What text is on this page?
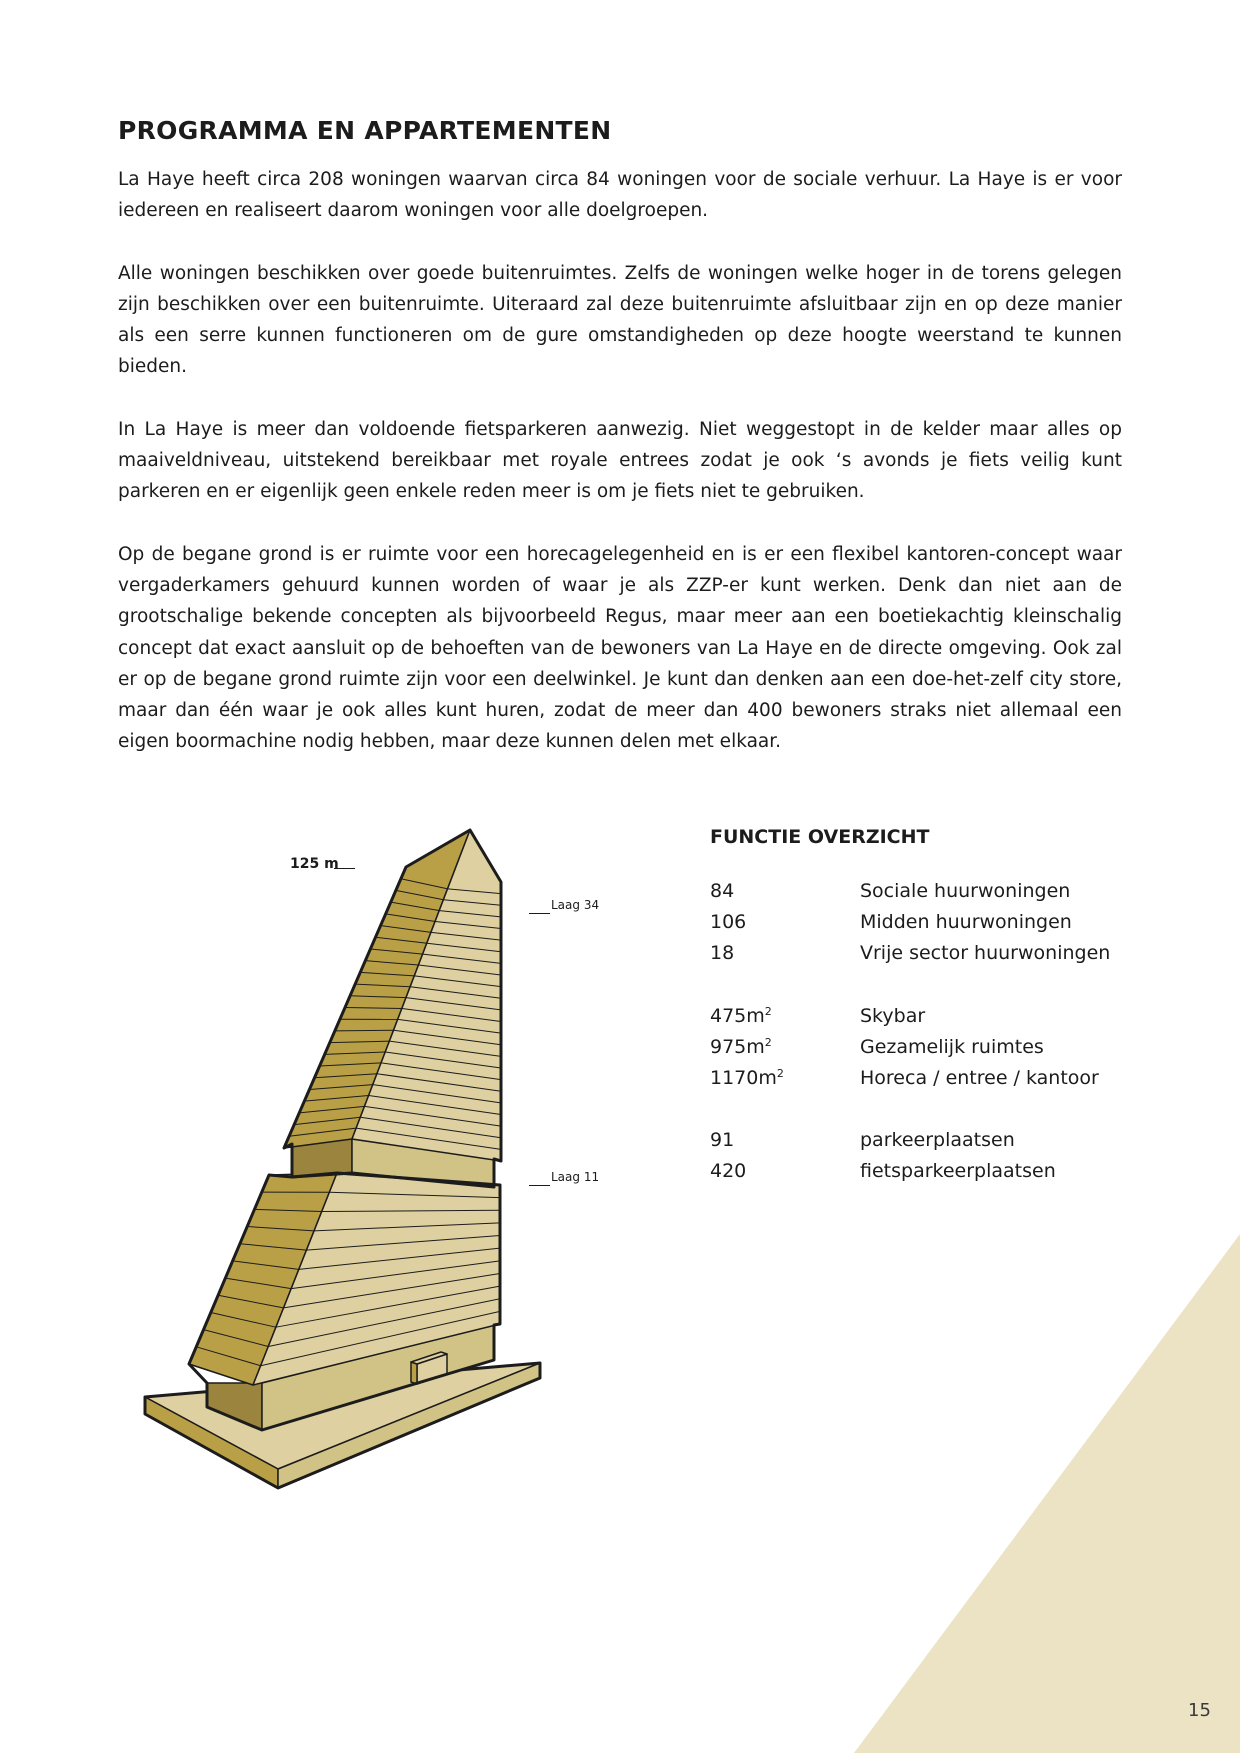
PROGRAMMA EN APPARTEMENTEN

La Haye heeft circa 208 woningen waarvan circa 84 woningen voor de sociale verhuur. La Haye is er voor iedereen en realiseert daarom woningen voor alle doelgroepen.

Alle woningen beschikken over goede buitenruimtes. Zelfs de woningen welke hoger in de torens gelegen zijn beschikken over een buitenruimte. Uiteraard zal deze buitenruimte afsluitbaar zijn en op deze manier als een serre kunnen functioneren om de gure omstandigheden op deze hoogte weerstand te kunnen bieden.

In La Haye is meer dan voldoende fietsparkeren aanwezig. Niet weggestopt in de kelder maar alles op maaiveldniveau, uitstekend bereikbaar met royale entrees zodat je ook ‘s avonds je fiets veilig kunt parkeren en er eigenlijk geen enkele reden meer is om je fiets niet te gebruiken.

Op de begane grond is er ruimte voor een horecagelegenheid en is er een flexibel kantoren-concept waar vergaderkamers gehuurd kunnen worden of waar je als ZZP-er kunt werken. Denk dan niet aan de grootschalige bekende concepten als bijvoorbeeld Regus, maar meer aan een boetiekachtig kleinschalig concept dat exact aansluit op de behoeften van de bewoners van La Haye en de directe omgeving. Ook zal er op de begane grond ruimte zijn voor een deelwinkel. Je kunt dan denken aan een doe-het-zelf city store, maar dan één waar je ook alles kunt huren, zodat de meer dan 400 bewoners straks niet allemaal een eigen boormachine nodig hebben, maar deze kunnen delen met elkaar.

125 m
Laag 34
Laag 11
FUNCTIE OVERZICHT
84	Sociale huurwoningen
106	Midden huurwoningen
18	Vrije sector huurwoningen
$475m^2$	Skybar
$975m^2$	Gezamelijk ruimtes
$1170m^2$	Horeca / entree / kantoor
91	parkeerplaatsen
420	fietsparkeerplaatsen
15
